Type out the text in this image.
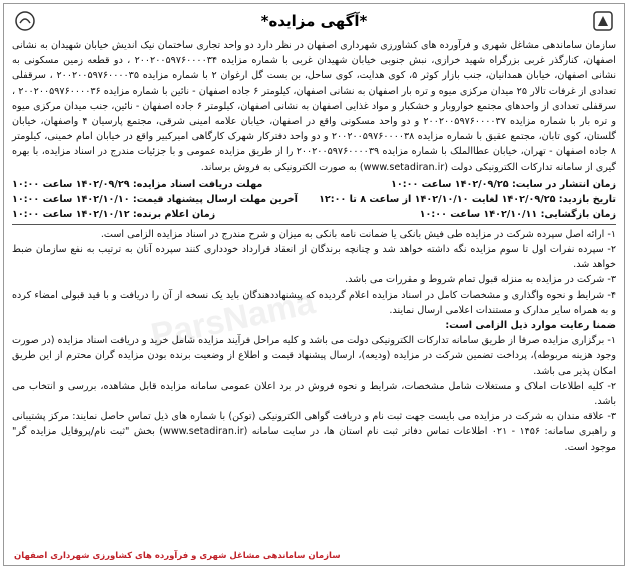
ParsNama
*آگهی مزایده*

سازمان ساماندهی مشاغل شهری و فرآورده های کشاورزی شهرداری اصفهان در نظر دارد دو واحد تجاری ساختمان نیک اندیش خیابان شهیدان به نشانی اصفهان، کنارگذر غربی بزرگراه شهید خرازی، نبش جنوبی خیابان شهیدان غربی با شماره مزایده ۲۰۰۲۰۰۵۹۷۶۰۰۰۰۳۴ ، دو قطعه زمین مسکونی به نشانی اصفهان، خیابان همدانیان، جنب بازار کوثر ۵، کوی هدایت، کوی ساحل، بن بست گل ارغوان ۲ با شماره مزایده ۲۰۰۲۰۰۵۹۷۶۰۰۰۰۳۵ ، سرقفلی تعدادی از غرفات تالار ۲۵ میدان مرکزی میوه و تره بار اصفهان به نشانی اصفهان، کیلومتر ۶ جاده اصفهان - نائین با شماره مزایده ۲۰۰۲۰۰۵۹۷۶۰۰۰۰۳۶ ، سرقفلی تعدادی از واحدهای مجتمع خواروبار و خشکبار و مواد غذایی اصفهان به نشانی اصفهان، کیلومتر ۶ جاده اصفهان - نائین، جنب میدان مرکزی میوه و تره بار با شماره مزایده ۲۰۰۲۰۰۵۹۷۶۰۰۰۰۳۷ و دو واحد مسکونی واقع در اصفهان، خیابان علامه امینی شرقی، مجتمع پارسیان ۴ واصفهان، خیابان گلستان، کوی تابان، مجتمع عقیق با شماره مزایده ۲۰۰۲۰۰۵۹۷۶۰۰۰۰۳۸ و دو واحد دفترکار شهرک کارگاهی امیرکبیر واقع در خیابان امام خمینی، کیلومتر ۸ جاده اصفهان - تهران، خیابان عطاالملک با شماره مزایده ۲۰۰۲۰۰۵۹۷۶۰۰۰۰۳۹ را از طریق مزایده عمومی و با جزئیات مندرج در اسناد مزایده، با بهره گیری از سامانه تدارکات الکترونیکی دولت (www.setadiran.ir) به صورت الکترونیکی به فروش برساند.

زمان انتشار در سایت: ۱۴۰۲/۰۹/۲۵ ساعت ۱۰:۰۰
مهلت دریافت اسناد مزایده: ۱۴۰۲/۰۹/۲۹ ساعت ۱۰:۰۰
تاریخ بازدید: ۱۴۰۲/۰۹/۲۵ لغایت ۱۴۰۲/۱۰/۱۰ از ساعت ۸ تا ۱۲:۰۰
آخرین مهلت ارسال پیشنهاد قیمت: ۱۴۰۲/۱۰/۱۰ ساعت ۱۰:۰۰
زمان بازگشایی: ۱۴۰۲/۱۰/۱۱ ساعت ۱۰:۰۰
زمان اعلام برنده: ۱۴۰۲/۱۰/۱۲ ساعت ۱۰:۰۰

۱- ارائه اصل سپرده شرکت در مزایده طی فیش بانکی یا ضمانت نامه بانکی به میزان و شرح مندرج در اسناد مزایده الزامی است.

۲- سپرده نفرات اول تا سوم مزایده نگه داشته خواهد شد و چنانچه برندگان از انعقاد قرارداد خودداری کنند سپرده آنان به ترتیب به نفع سازمان ضبط خواهد شد.

۳- شرکت در مزایده به منزله قبول تمام شروط و مقررات می باشد.

۴- شرایط و نحوه واگذاری و مشخصات کامل در اسناد مزایده اعلام گردیده که پیشنهاددهندگان باید یک نسخه از آن را دریافت و با قید قبولی امضاء کرده و به همراه سایر مدارک و مستندات اعلامی ارسال نمایند.

ضمنا رعایت موارد ذیل الزامی است:

۱- برگزاری مزایده صرفا از طریق سامانه تدارکات الکترونیکی دولت می باشد و کلیه مراحل فرآیند مزایده شامل خرید و دریافت اسناد مزایده (در صورت وجود هزینه مربوطه)، پرداخت تضمین شرکت در مزایده (ودیعه)، ارسال پیشنهاد قیمت و اطلاع از وضعیت برنده بودن مزایده گران محترم از این طریق امکان پذیر می باشد.

۲- کلیه اطلاعات املاک و مستغلات شامل مشخصات، شرایط و نحوه فروش در برد اعلان عمومی سامانه مزایده قابل مشاهده، بررسی و انتخاب می باشد.

۳- علاقه مندان به شرکت در مزایده می بایست جهت ثبت نام و دریافت گواهی الکترونیکی (توکن) با شماره های ذیل تماس حاصل نمایند: مرکز پشتیبانی و راهبری سامانه: ۱۴۵۶ - ۰۲۱ اطلاعات تماس دفاتر ثبت نام استان ها، در سایت سامانه (www.setadiran.ir) بخش "ثبت نام/پروفایل مزایده گر" موجود است.

سازمان ساماندهی مشاغل شهری و فرآورده های کشاورزی شهرداری اصفهان
